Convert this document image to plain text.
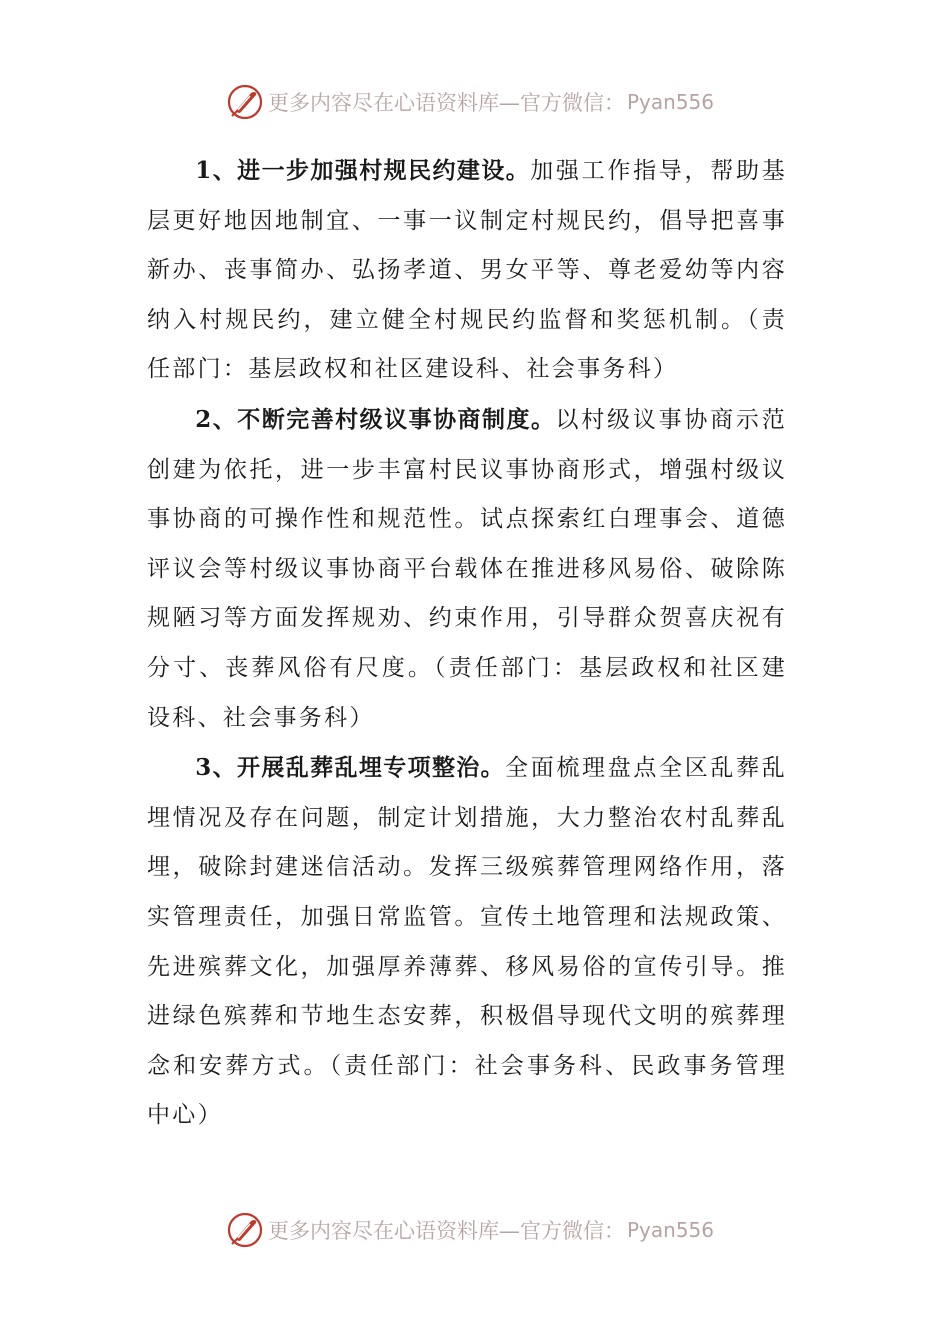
更多内容尽在心语资料库—官方微信： Pyan556

1、进一步加强村规民约建设。加强工作指导，帮助基层更好地因地制宜、一事一议制定村规民约，倡导把喜事新办、丧事简办、弘扬孝道、男女平等、尊老爱幼等内容纳入村规民约，建立健全村规民约监督和奖惩机制。（责任部门：基层政权和社区建设科、社会事务科）

2、不断完善村级议事协商制度。以村级议事协商示范创建为依托，进一步丰富村民议事协商形式，增强村级议事协商的可操作性和规范性。试点探索红白理事会、道德评议会等村级议事协商平台载体在推进移风易俗、破除陈规陋习等方面发挥规劝、约束作用，引导群众贺喜庆祝有分寸、丧葬风俗有尺度。（责任部门：基层政权和社区建设科、社会事务科）

3、开展乱葬乱埋专项整治。全面梳理盘点全区乱葬乱埋情况及存在问题，制定计划措施，大力整治农村乱葬乱埋，破除封建迷信活动。发挥三级殡葬管理网络作用，落实管理责任，加强日常监管。宣传土地管理和法规政策、先进殡葬文化，加强厚养薄葬、移风易俗的宣传引导。推进绿色殡葬和节地生态安葬，积极倡导现代文明的殡葬理念和安葬方式。（责任部门：社会事务科、民政事务管理中心）

更多内容尽在心语资料库—官方微信： Pyan556
